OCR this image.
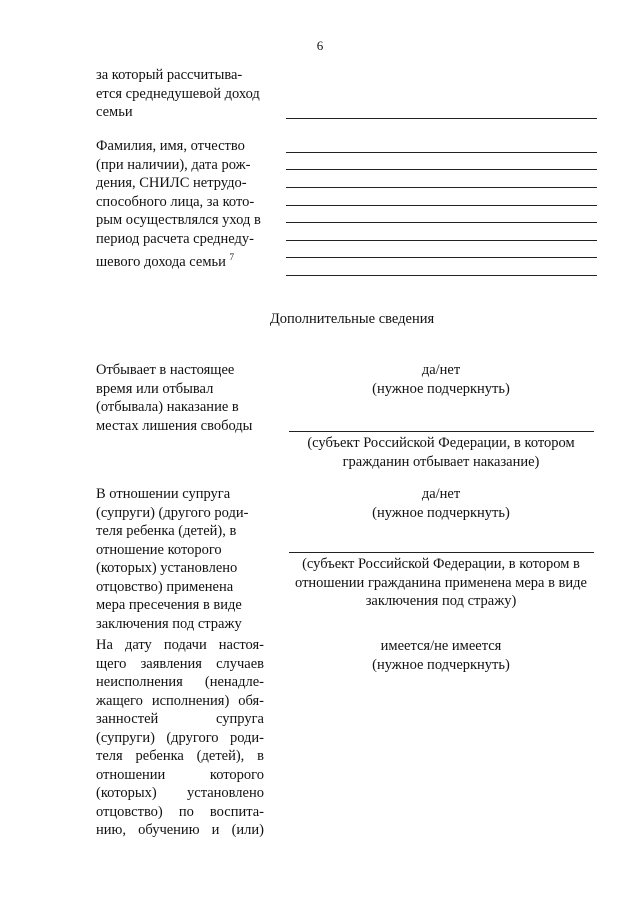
6
за который рассчитыва-
ется среднедушевой доход
семьи
Фамилия, имя, отчество
(при наличии), дата рож-
дения, СНИЛС нетрудо-
способного лица, за кото-
рым осуществлялся уход в
период расчета среднеду-
шевого дохода семьи $^7$
Дополнительные сведения
Отбывает в настоящее
время или отбывал
(отбывала) наказание в
местах лишения свободы
да/нет
(нужное подчеркнуть)
(субъект Российской Федерации, в котором
гражданин отбывает наказание)
В отношении супруга
(супруги) (другого роди-
теля ребенка (детей), в
отношение которого
(которых) установлено
отцовство) применена
мера пресечения в виде
заключения под стражу
да/нет
(нужное подчеркнуть)
(субъект Российской Федерации, в котором в
отношении гражданина применена мера в виде
заключения под стражу)
На дату подачи настоя-
щего заявления случаев
неисполнения (ненадле-
жащего исполнения) обя-
занностей супруга
(супруги) (другого роди-
теля ребенка (детей), в
отношении которого
(которых) установлено
отцовство) по воспита-
нию, обучению и (или)
имеется/не имеется
(нужное подчеркнуть)
